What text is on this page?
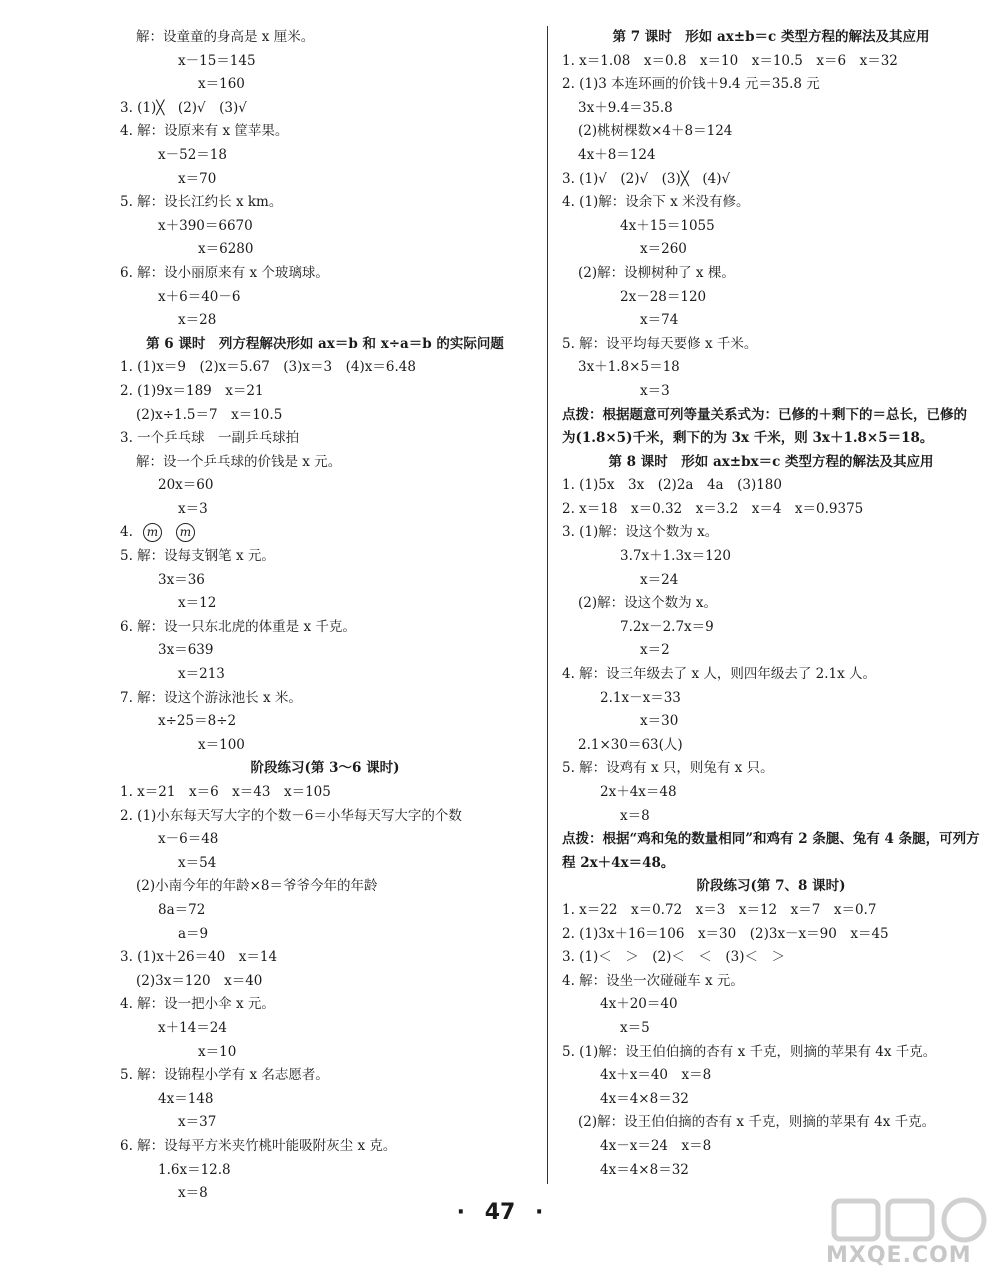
解：设童童的身高是 x 厘米。
x－15＝145
x＝160
3. (1)╳　(2)√　(3)√
4. 解：设原来有 x 筐苹果。
x－52＝18
x＝70
5. 解：设长江约长 x km。
x＋390＝6670
x＝6280
6. 解：设小丽原来有 x 个玻璃球。
x＋6＝40－6
x＝28
第 6 课时　列方程解决形如 ax＝b 和 x÷a＝b 的实际问题
1. (1)x＝9　(2)x＝5.67　(3)x＝3　(4)x＝6.48
2. (1)9x＝189　x＝21
(2)x÷1.5＝7　x＝10.5
3. 一个乒乓球　一副乒乓球拍
解：设一个乒乓球的价钱是 x 元。
20x＝60
x＝3
4. m m
5. 解：设每支钢笔 x 元。
3x＝36
x＝12
6. 解：设一只东北虎的体重是 x 千克。
3x＝639
x＝213
7. 解：设这个游泳池长 x 米。
x÷25＝8÷2
x＝100
阶段练习(第 3～6 课时)
1. x＝21　x＝6　x＝43　x＝105
2. (1)小东每天写大字的个数－6＝小华每天写大字的个数
x－6＝48
x＝54
(2)小南今年的年龄×8＝爷爷今年的年龄
8a＝72
a＝9
3. (1)x＋26＝40　x＝14
(2)3x＝120　x＝40
4. 解：设一把小伞 x 元。
x＋14＝24
x＝10
5. 解：设锦程小学有 x 名志愿者。
4x＝148
x＝37
6. 解：设每平方米夹竹桃叶能吸附灰尘 x 克。
1.6x＝12.8
x＝8
第 7 课时　形如 ax±b＝c 类型方程的解法及其应用
1. x＝1.08　x＝0.8　x＝10　x＝10.5　x＝6　x＝32
2. (1)3 本连环画的价钱＋9.4 元＝35.8 元
3x＋9.4＝35.8
(2)桃树棵数×4＋8＝124
4x＋8＝124
3. (1)√　(2)√　(3)╳　(4)√
4. (1)解：设余下 x 米没有修。
4x＋15＝1055
x＝260
(2)解：设柳树种了 x 棵。
2x－28＝120
x＝74
5. 解：设平均每天要修 x 千米。
3x＋1.8×5＝18
x＝3
点拨：根据题意可列等量关系式为：已修的＋剩下的＝总长，已修的为(1.8×5)千米，剩下的为 3x 千米，则 3x＋1.8×5＝18。
第 8 课时　形如 ax±bx＝c 类型方程的解法及其应用
1. (1)5x　3x　(2)2a　4a　(3)180
2. x＝18　x＝0.32　x＝3.2　x＝4　x＝0.9375
3. (1)解：设这个数为 x。
3.7x＋1.3x＝120
x＝24
(2)解：设这个数为 x。
7.2x－2.7x＝9
x＝2
4. 解：设三年级去了 x 人，则四年级去了 2.1x 人。
2.1x－x＝33
x＝30
2.1×30＝63(人)
5. 解：设鸡有 x 只，则兔有 x 只。
2x＋4x＝48
x＝8
点拨：根据“鸡和兔的数量相同”和鸡有 2 条腿、兔有 4 条腿，可列方程 2x＋4x＝48。
阶段练习(第 7、8 课时)
1. x＝22　x＝0.72　x＝3　x＝12　x＝7　x＝0.7
2. (1)3x＋16＝106　x＝30　(2)3x－x＝90　x＝45
3. (1)＜　＞　(2)＜　＜　(3)＜　＞
4. 解：设坐一次碰碰车 x 元。
4x＋20＝40
x＝5
5. (1)解：设王伯伯摘的杏有 x 千克，则摘的苹果有 4x 千克。
4x＋x＝40　x＝8
4x＝4×8＝32
(2)解：设王伯伯摘的杏有 x 千克，则摘的苹果有 4x 千克。
4x－x＝24　x＝8
4x＝4×8＝32
· 47 ·
MXQE.COM
